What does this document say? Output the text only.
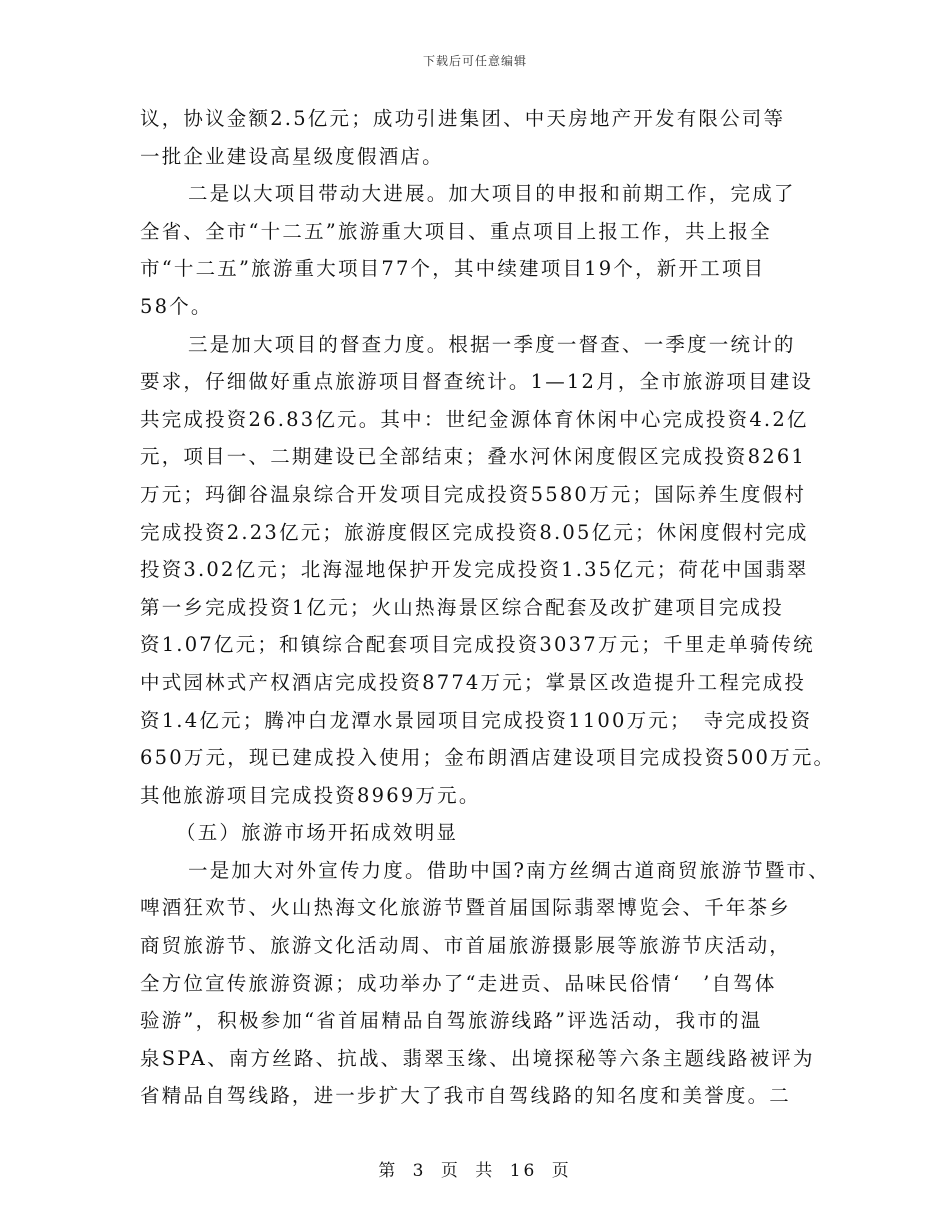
下载后可任意编辑
议，协议金额2.5亿元；成功引进集团、中天房地产开发有限公司等
一批企业建设高星级度假酒店。
二是以大项目带动大进展。加大项目的申报和前期工作，完成了
全省、全市“十二五”旅游重大项目、重点项目上报工作，共上报全
市“十二五”旅游重大项目77个，其中续建项目19个，新开工项目
58个。
三是加大项目的督查力度。根据一季度一督查、一季度一统计的
要求，仔细做好重点旅游项目督查统计。1—12月，全市旅游项目建设
共完成投资26.83亿元。其中：世纪金源体育休闲中心完成投资4.2亿
元，项目一、二期建设已全部结束；叠水河休闲度假区完成投资8261
万元；玛御谷温泉综合开发项目完成投资5580万元；国际养生度假村
完成投资2.23亿元；旅游度假区完成投资8.05亿元；休闲度假村完成
投资3.02亿元；北海湿地保护开发完成投资1.35亿元；荷花中国翡翠
第一乡完成投资1亿元；火山热海景区综合配套及改扩建项目完成投
资1.07亿元；和镇综合配套项目完成投资3037万元；千里走单骑传统
中式园林式产权酒店完成投资8774万元；掌景区改造提升工程完成投
资1.4亿元；腾冲白龙潭水景园项目完成投资1100万元；　寺完成投资
650万元，现已建成投入使用；金布朗酒店建设项目完成投资500万元。
其他旅游项目完成投资8969万元。
（五）旅游市场开拓成效明显
一是加大对外宣传力度。借助中国?南方丝绸古道商贸旅游节暨市、
啤酒狂欢节、火山热海文化旅游节暨首届国际翡翠博览会、千年茶乡
商贸旅游节、旅游文化活动周、市首届旅游摄影展等旅游节庆活动，
全方位宣传旅游资源；成功举办了“走进贡、品味民俗情‘　’自驾体
验游”，积极参加“省首届精品自驾旅游线路”评选活动，我市的温
泉SPA、南方丝路、抗战、翡翠玉缘、出境探秘等六条主题线路被评为
省精品自驾线路，进一步扩大了我市自驾线路的知名度和美誉度。二
第 3 页 共 16 页
